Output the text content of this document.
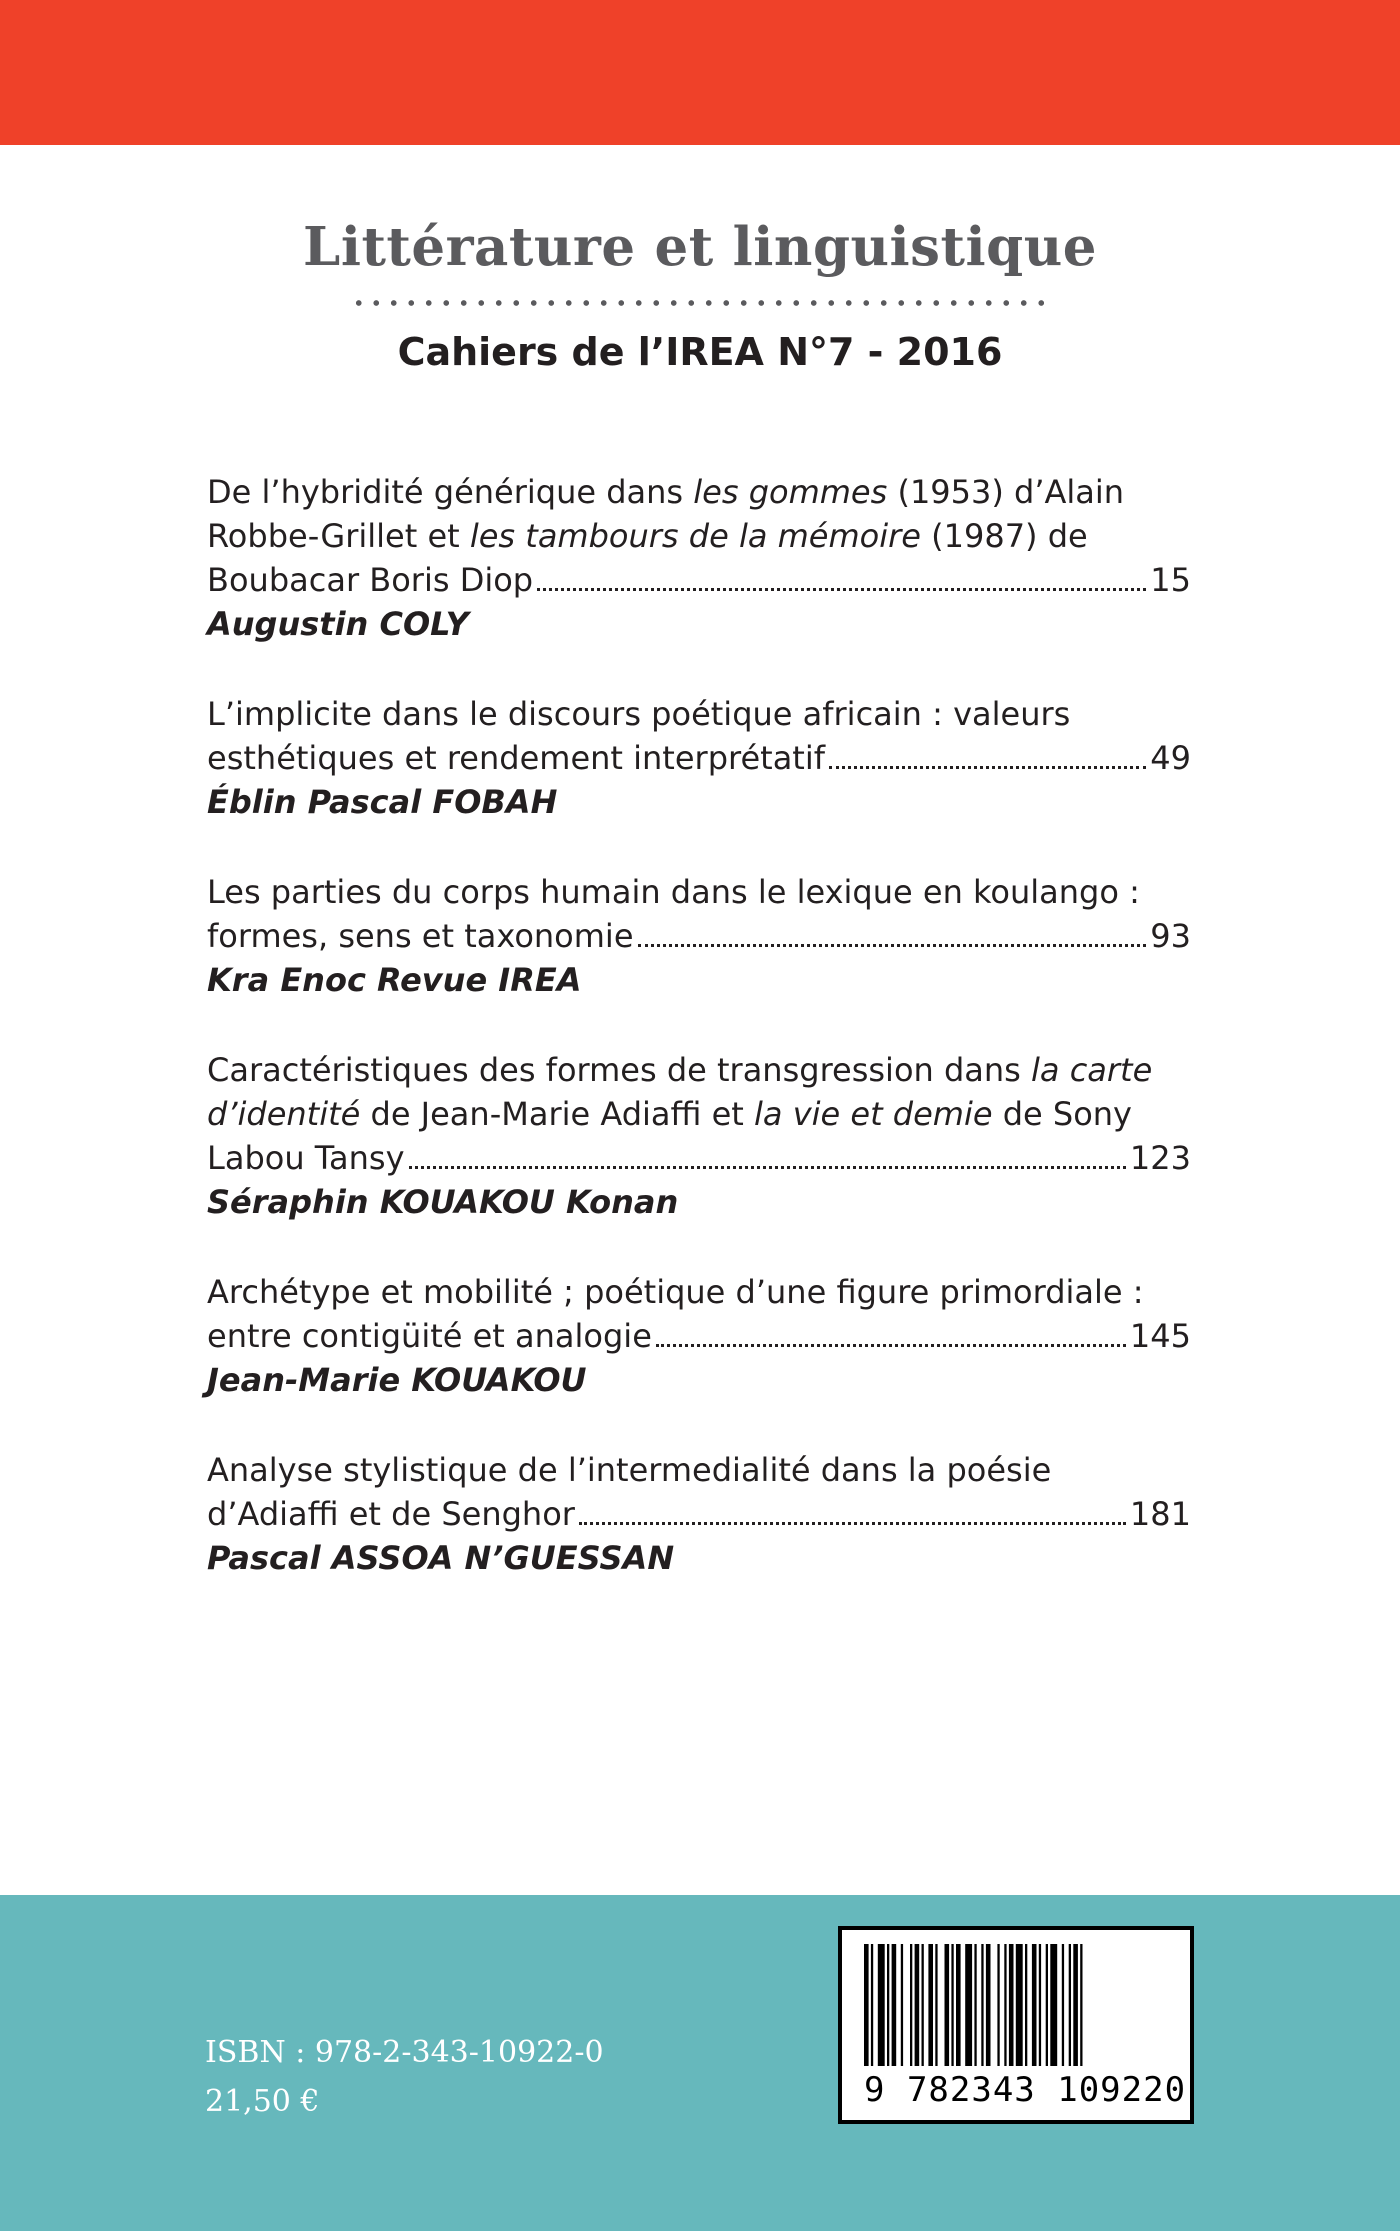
Littérature et linguistique
Cahiers de l’IREA N°7 - 2016

De l’hybridité générique dans les gommes (1953) d’Alain Robbe-Grillet et les tambours de la mémoire (1987) de

Boubacar Boris Diop	15

Augustin COLY

L’implicite dans le discours poétique africain : valeurs

esthétiques et rendement interprétatif	49

Éblin Pascal FOBAH

Les parties du corps humain dans le lexique en koulango :

formes, sens et taxonomie	93

Kra Enoc Revue IREA

Caractéristiques des formes de transgression dans la carte d’identité de Jean-Marie Adiaffi et la vie et demie de Sony

Labou Tansy	123

Séraphin KOUAKOU Konan

Archétype et mobilité ; poétique d’une figure primordiale :

entre contigüité et analogie	145

Jean-Marie KOUAKOU

Analyse stylistique de l’intermedialité dans la poésie

d’Adiaffi et de Senghor	181

Pascal ASSOA N’GUESSAN

ISBN : 978-2-343-10922-0

21,50 €	9 782343 109220
